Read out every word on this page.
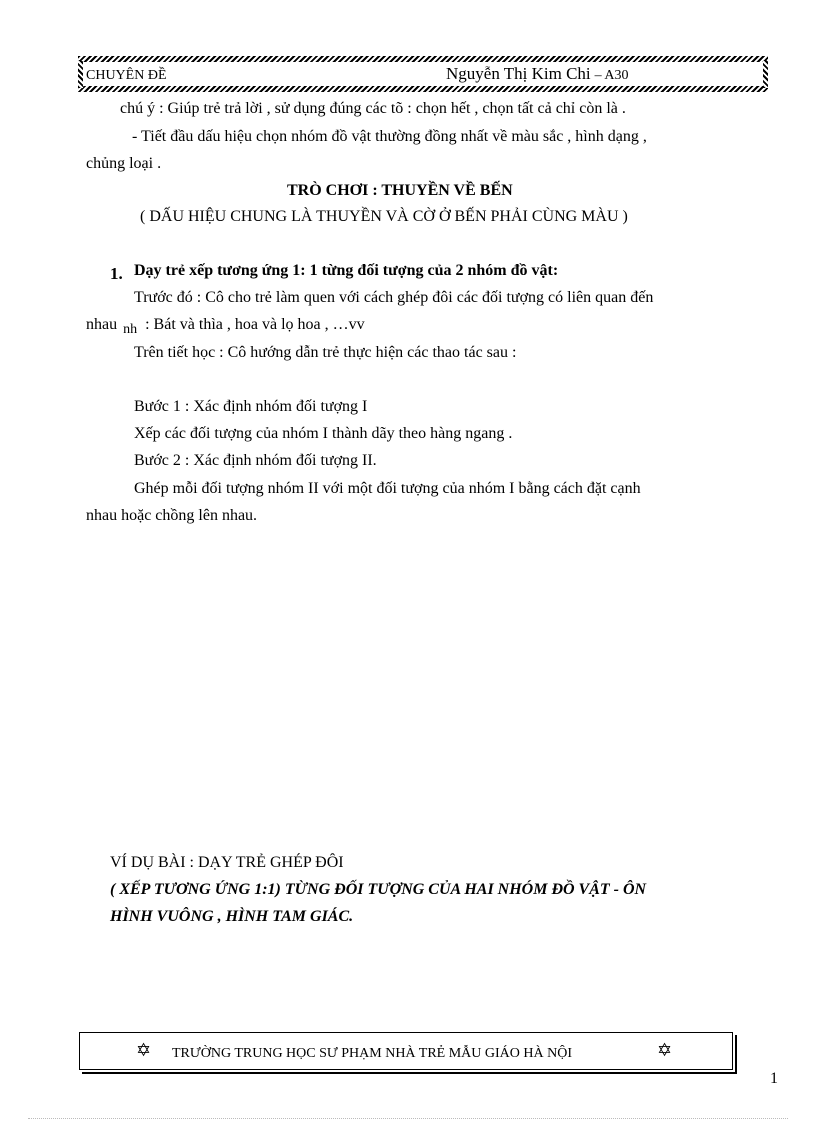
CHUYÊN ĐỀ	Nguyễn Thị Kim Chi – A30
chú ý : Giúp trẻ trả lời , sử dụng đúng các tõ : chọn hết , chọn tất cả chỉ còn là .
- Tiết đầu dấu hiệu chọn nhóm đồ vật thường đồng nhất về màu sắc , hình dạng ,
chủng loại .
TRÒ CHƠI : THUYỀN VỀ BẾN
( DẤU HIỆU CHUNG LÀ THUYỀN VÀ CỜ Ở BẾN PHẢI CÙNG MÀU )
1. Dạy trẻ xếp tương ứng 1: 1 từng đối tượng của 2 nhóm đồ vật:
Trước đó : Cô cho trẻ làm quen với cách ghép đôi các đối tượng có liên quan đến
nhau nh : Bát và thìa , hoa và lọ hoa , …vv
Trên tiết học : Cô hướng dẫn trẻ thực hiện các thao tác sau :
Bước 1 : Xác định nhóm đối tượng I
Xếp các đối tượng của nhóm I thành dãy theo hàng ngang .
Bước 2 : Xác định nhóm đối tượng II.
Ghép mỗi đối tượng nhóm II với một đối tượng của nhóm I bằng cách đặt cạnh
nhau hoặc chồng lên nhau.
VÍ DỤ BÀI : DẠY TRẺ GHÉP ĐÔI
( XẾP TƯƠNG ỨNG 1:1) TỪNG ĐỐI TƯỢNG CỦA HAI NHÓM ĐỒ VẬT - ÔN
HÌNH VUÔNG , HÌNH TAM GIÁC.
✡ TRƯỜNG TRUNG HỌC SƯ PHẠM NHÀ TRẺ MẪU GIÁO HÀ NỘI	✡
1
